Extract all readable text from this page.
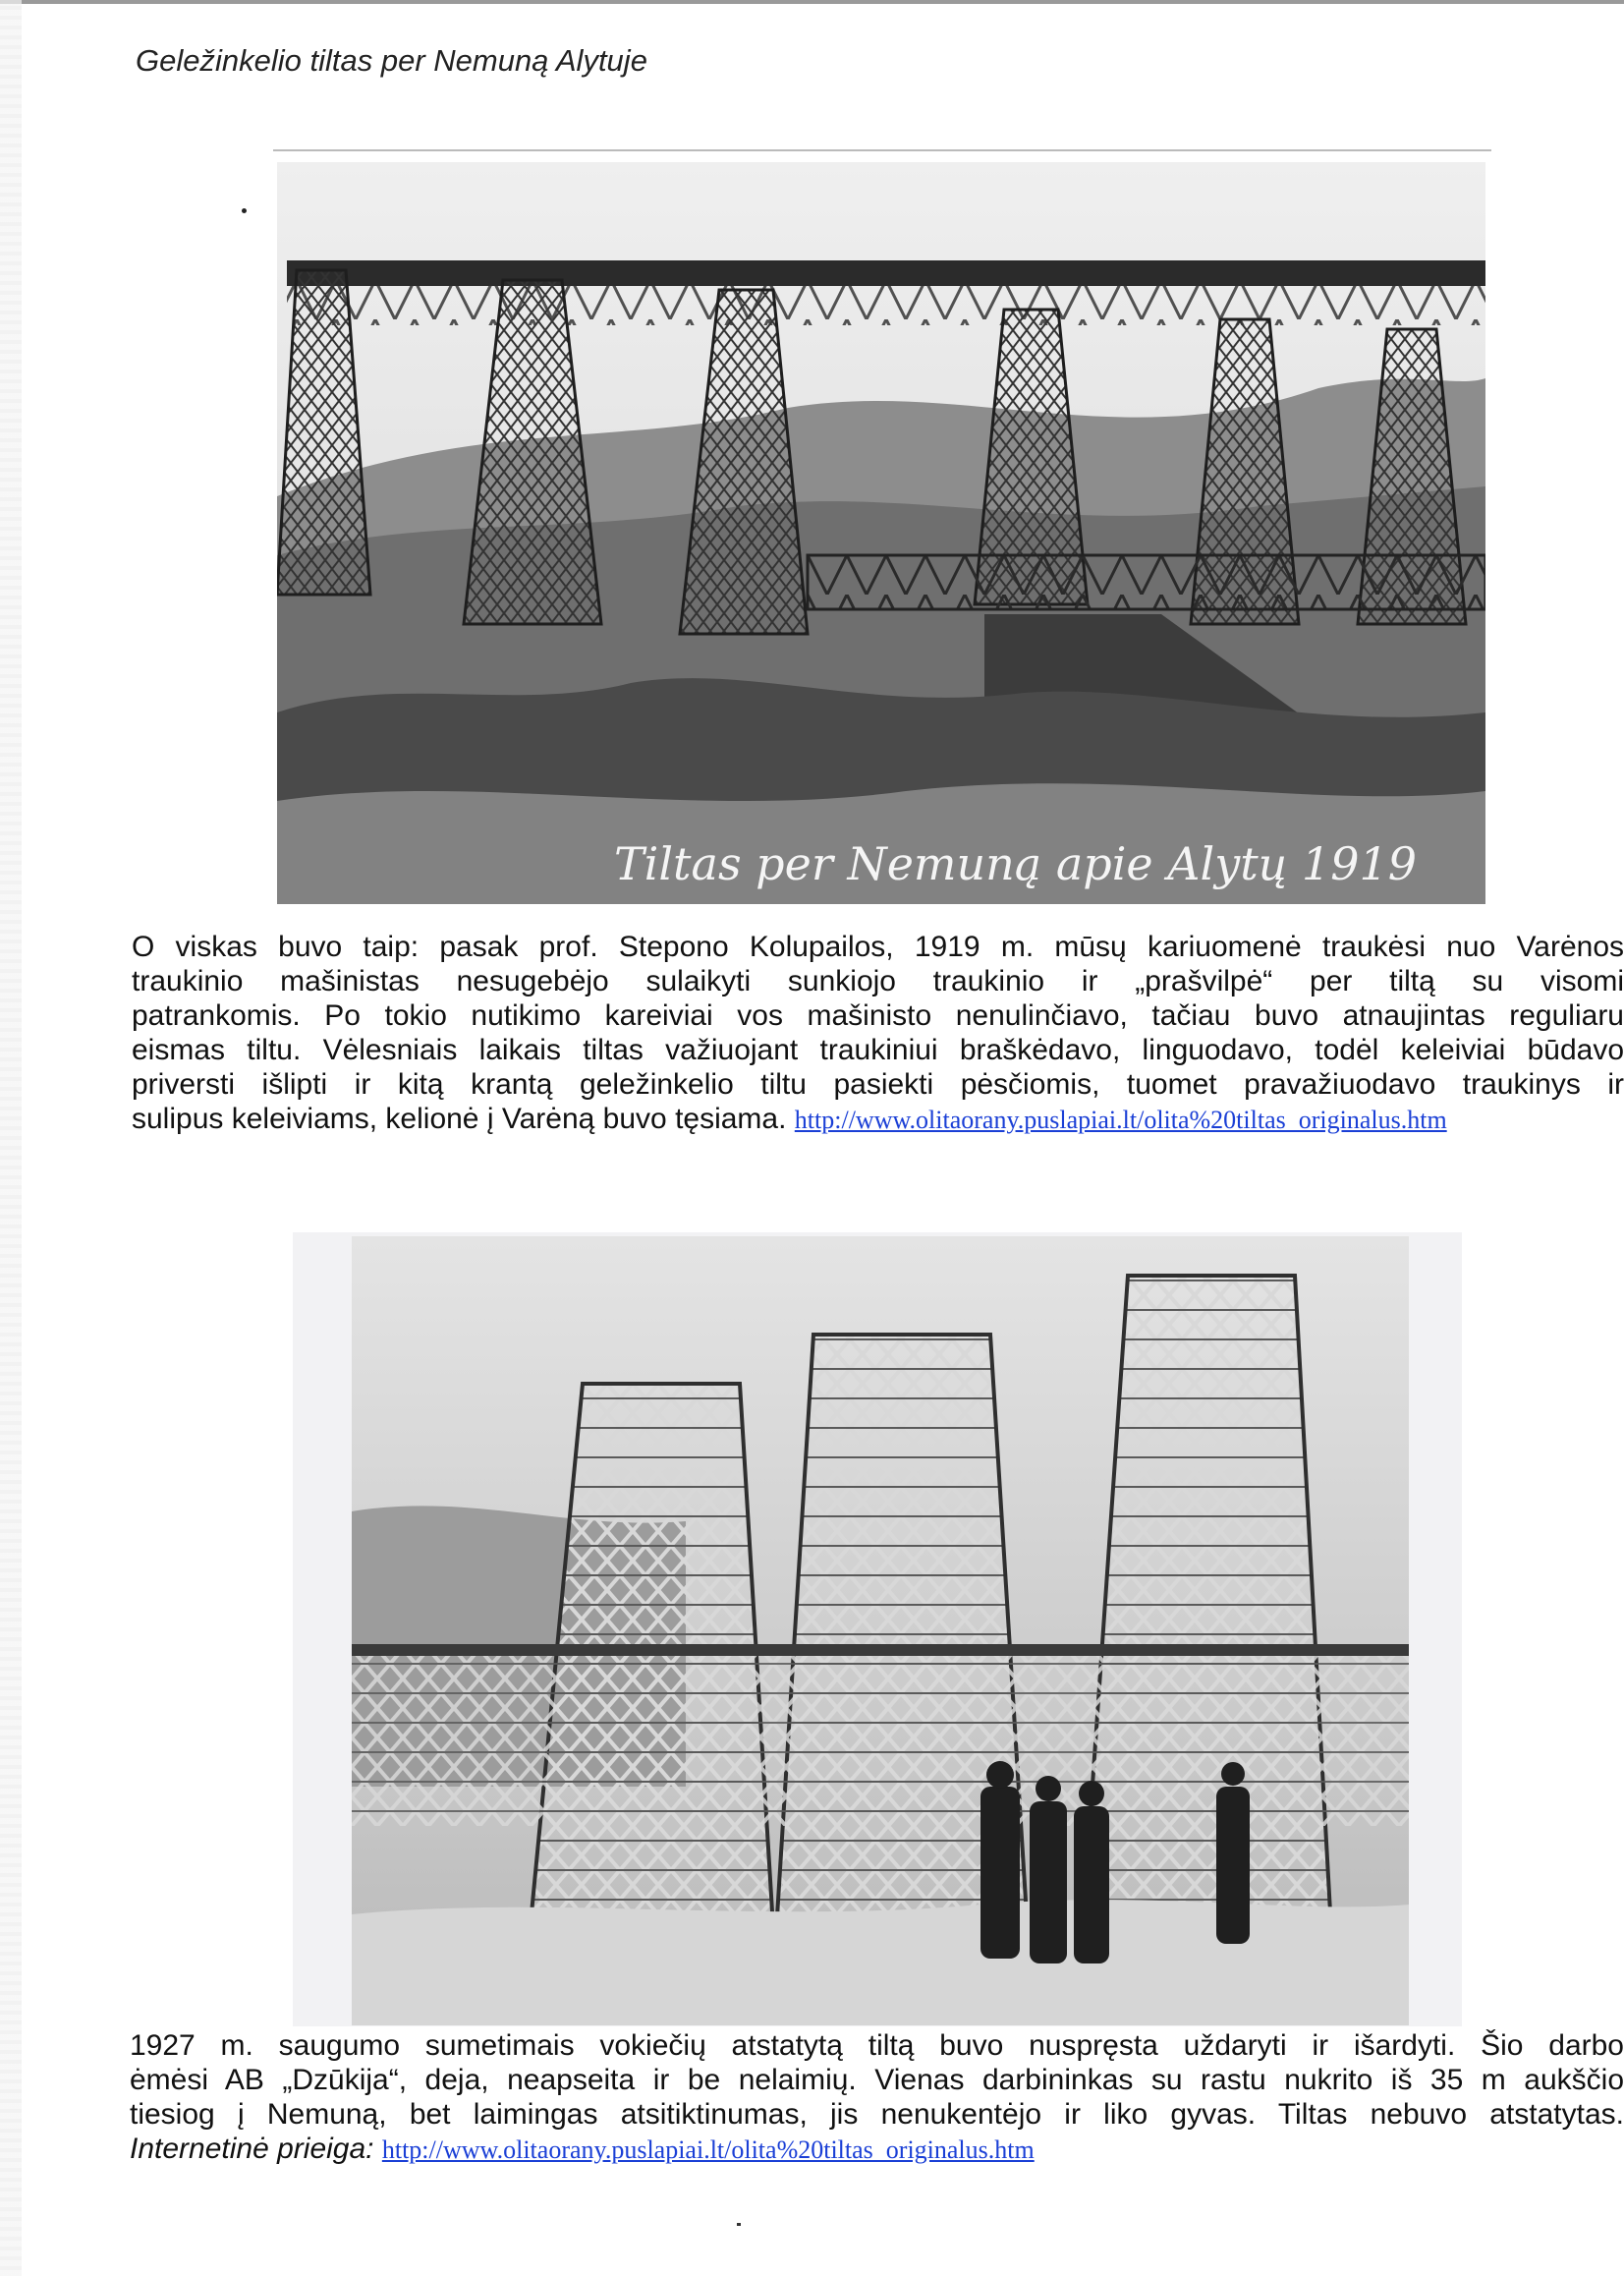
Geležinkelio tiltas per Nemuną Alytuje
Tiltas per Nemuną apie Alytų 1919
O viskas buvo taip: pasak prof. Stepono Kolupailos, 1919 m. mūsų kariuomenė traukėsi nuo Varėnos
traukinio mašinistas nesugebėjo sulaikyti sunkiojo traukinio ir „prašvilpė“ per tiltą su visomi
patrankomis. Po tokio nutikimo kareiviai vos mašinisto nenulinčiavo, tačiau buvo atnaujintas reguliaru
eismas tiltu. Vėlesniais laikais tiltas važiuojant traukiniui braškėdavo, linguodavo, todėl keleiviai būdavo
priversti išlipti ir kitą krantą geležinkelio tiltu pasiekti pėsčiomis, tuomet pravažiuodavo traukinys ir
sulipus keleiviams, kelionė į Varėną buvo tęsiama. http://www.olitaorany.puslapiai.lt/olita%20tiltas_originalus.htm
1927 m. saugumo sumetimais vokiečių atstatytą tiltą buvo nuspręsta uždaryti ir išardyti. Šio darbo
ėmėsi AB „Dzūkija“, deja, neapseita ir be nelaimių. Vienas darbininkas su rastu nukrito iš 35 m aukščio
tiesiog į Nemuną, bet laimingas atsitiktinumas, jis nenukentėjo ir liko gyvas. Tiltas nebuvo atstatytas.
Internetinė prieiga: http://www.olitaorany.puslapiai.lt/olita%20tiltas_originalus.htm
